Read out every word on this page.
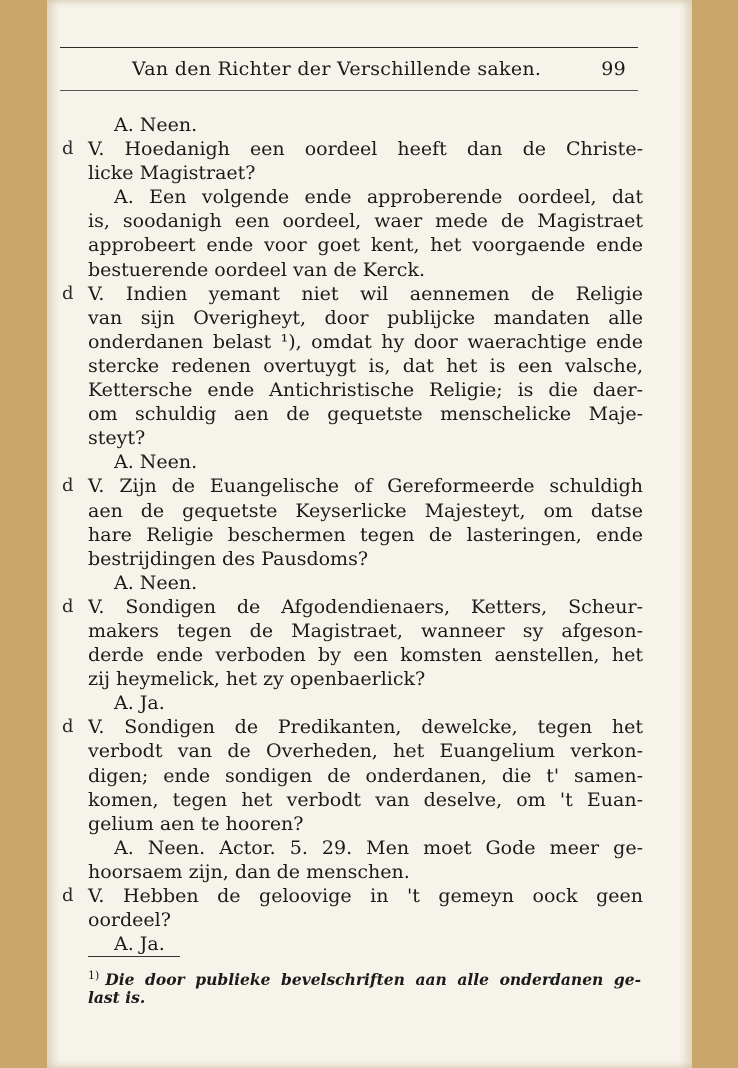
Van den Richter der Verschillende saken.	99
A. Neen.
d V. Hoedanigh een oordeel heeft dan de Christe-
licke Magistraet?
A. Een volgende ende approberende oordeel, dat
is, soodanigh een oordeel, waer mede de Magistraet
approbeert ende voor goet kent, het voorgaende ende
bestuerende oordeel van de Kerck.
d V. Indien yemant niet wil aennemen de Religie
van sijn Overigheyt, door publijcke mandaten alle
onderdanen belast ¹), omdat hy door waerachtige ende
stercke redenen overtuygt is, dat het is een valsche,
Kettersche ende Antichristische Religie; is die daer-
om schuldig aen de gequetste menschelicke Maje-
steyt?
A. Neen.
d V. Zijn de Euangelische of Gereformeerde schuldigh
aen de gequetste Keyserlicke Majesteyt, om datse
hare Religie beschermen tegen de lasteringen, ende
bestrijdingen des Pausdoms?
A. Neen.
d V. Sondigen de Afgodendienaers, Ketters, Scheur-
makers tegen de Magistraet, wanneer sy afgeson-
derde ende verboden by een komsten aenstellen, het
zij heymelick, het zy openbaerlick?
A. Ja.
d V. Sondigen de Predikanten, dewelcke, tegen het
verbodt van de Overheden, het Euangelium verkon-
digen; ende sondigen de onderdanen, die t' samen-
komen, tegen het verbodt van deselve, om 't Euan-
gelium aen te hooren?
A. Neen. Actor. 5. 29. Men moet Gode meer ge-
hoorsaem zijn, dan de menschen.
d V. Hebben de geloovige in 't gemeyn oock geen
oordeel?
A. Ja.
$^{1)}$ Die door publieke bevelschriften aan alle onderdanen ge-
last is.
